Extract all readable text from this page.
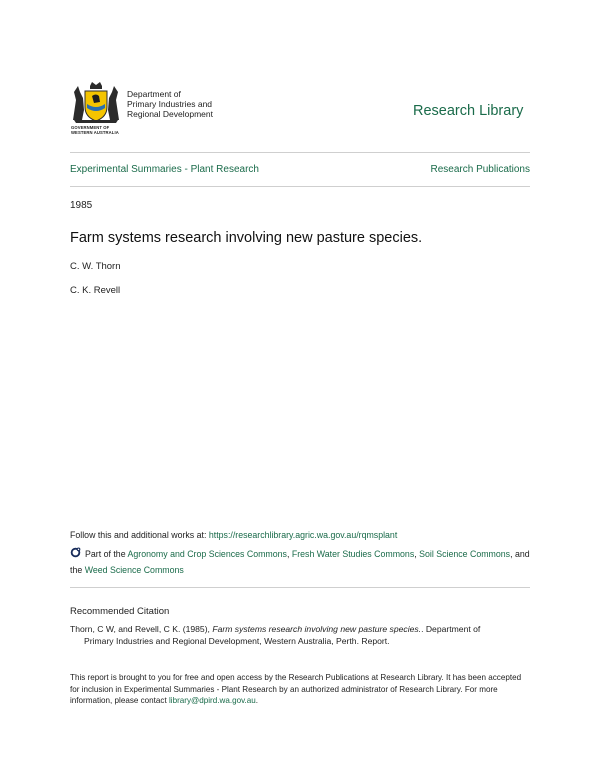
Department of
Primary Industries and
Regional Development
GOVERNMENT OF
WESTERN AUSTRALIA
Research Library
Experimental Summaries - Plant Research	Research Publications
1985
Farm systems research involving new pasture species.
C. W. Thorn
C. K. Revell
Follow this and additional works at: https://researchlibrary.agric.wa.gov.au/rqmsplant
Part of the Agronomy and Crop Sciences Commons, Fresh Water Studies Commons, Soil Science Commons, and the Weed Science Commons
Recommended Citation
Thorn, C W, and Revell, C K. (1985), Farm systems research involving new pasture species.. Department of
Primary Industries and Regional Development, Western Australia, Perth. Report.
This report is brought to you for free and open access by the Research Publications at Research Library. It has been accepted for inclusion in Experimental Summaries - Plant Research by an authorized administrator of Research Library. For more information, please contact library@dpird.wa.gov.au.
